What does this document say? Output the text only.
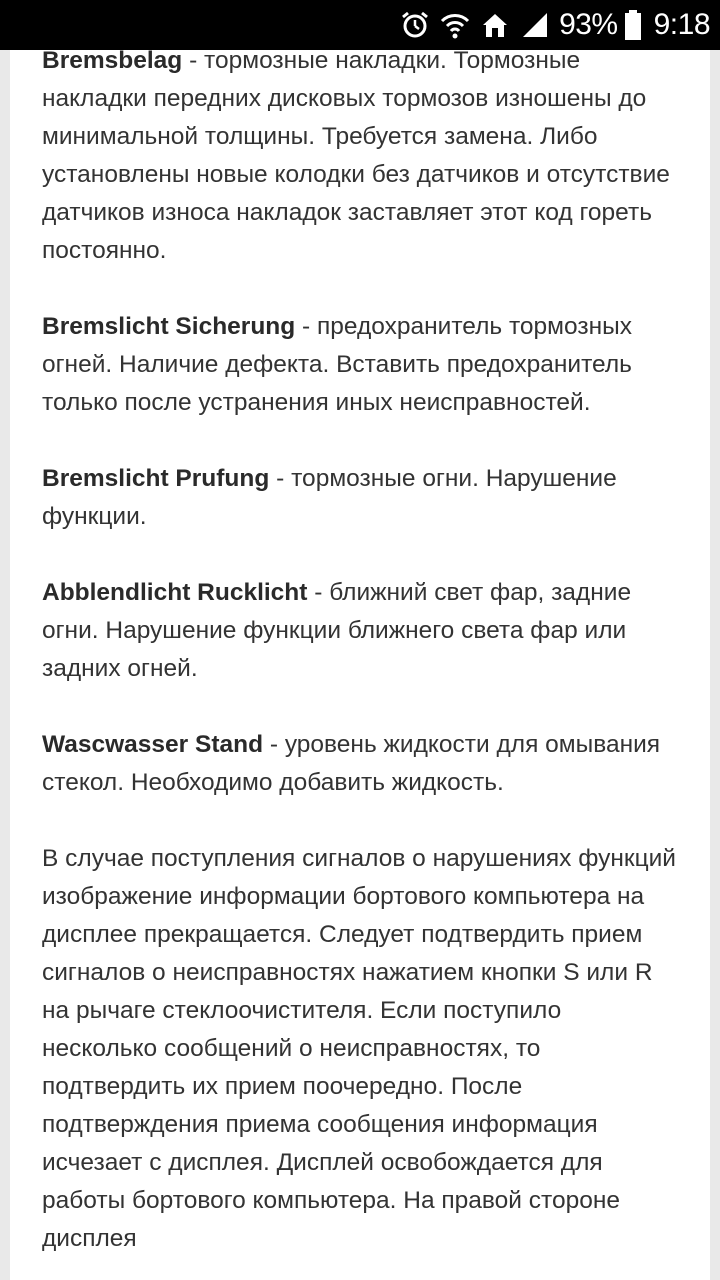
93% 9:18

Bremsbelag - тормозные накладки. Тормозные накладки передних дисковых тормозов изношены до минимальной толщины. Требуется замена. Либо установлены новые колодки без датчиков и отсутствие датчиков износа накладок заставляет этот код гореть постоянно.

Bremslicht Sicherung - предохранитель тормозных огней. Наличие дефекта. Вставить предохранитель только после устранения иных неисправностей.

Bremslicht Prufung - тормозные огни. Нарушение функции.

Abblendlicht Rucklicht - ближний свет фар, задние огни. Нарушение функции ближнего света фар или задних огней.

Wascwasser Stand - уровень жидкости для омывания стекол. Необходимо добавить жидкость.

В случае поступления сигналов о нарушениях функций изображение информации бортового компьютера на дисплее прекращается. Следует подтвердить прием сигналов о неисправностях нажатием кнопки S или R на рычаге стеклоочистителя. Если поступило несколько сообщений о неисправностях, то подтвердить их прием поочередно. После подтверждения приема сообщения информация исчезает с дисплея. Дисплей освобождается для работы бортового компьютера. На правой стороне дисплея
